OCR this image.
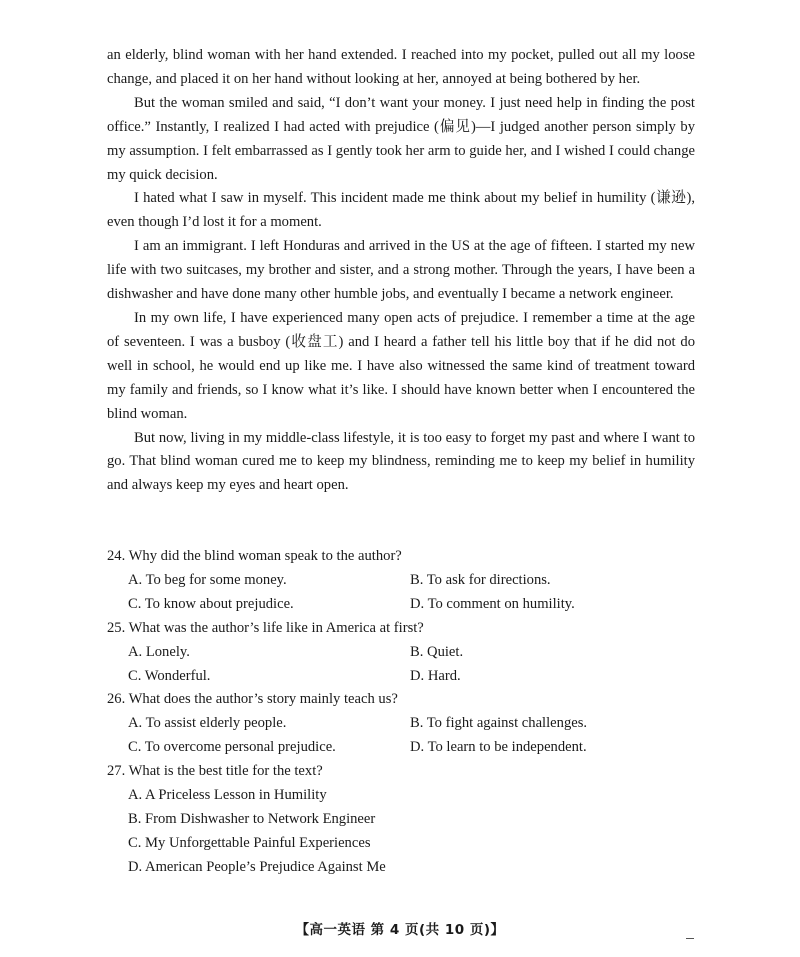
an elderly, blind woman with her hand extended. I reached into my pocket, pulled out all my loose change, and placed it on her hand without looking at her, annoyed at being bothered by her.

But the woman smiled and said, “I don’t want your money. I just need help in finding the post office.” Instantly, I realized I had acted with prejudice (偏见)—I judged another person simply by my assumption. I felt embarrassed as I gently took her arm to guide her, and I wished I could change my quick decision.

I hated what I saw in myself. This incident made me think about my belief in humility (谦逊), even though I’d lost it for a moment.

I am an immigrant. I left Honduras and arrived in the US at the age of fifteen. I started my new life with two suitcases, my brother and sister, and a strong mother. Through the years, I have been a dishwasher and have done many other humble jobs, and eventually I became a network engineer.

In my own life, I have experienced many open acts of prejudice. I remember a time at the age of seventeen. I was a busboy (收盘工) and I heard a father tell his little boy that if he did not do well in school, he would end up like me. I have also witnessed the same kind of treatment toward my family and friends, so I know what it’s like. I should have known better when I encountered the blind woman.

But now, living in my middle-class lifestyle, it is too easy to forget my past and where I want to go. That blind woman cured me to keep my blindness, reminding me to keep my belief in humility and always keep my eyes and heart open.

24. Why did the blind woman speak to the author?
A. To beg for some money.	B. To ask for directions.
C. To know about prejudice.	D. To comment on humility.
25. What was the author’s life like in America at first?
A. Lonely.	B. Quiet.
C. Wonderful.	D. Hard.
26. What does the author’s story mainly teach us?
A. To assist elderly people.	B. To fight against challenges.
C. To overcome personal prejudice.	D. To learn to be independent.
27. What is the best title for the text?
A. A Priceless Lesson in Humility
B. From Dishwasher to Network Engineer
C. My Unforgettable Painful Experiences
D. American People’s Prejudice Against Me
【高一英语 第 4 页(共 10 页)】
